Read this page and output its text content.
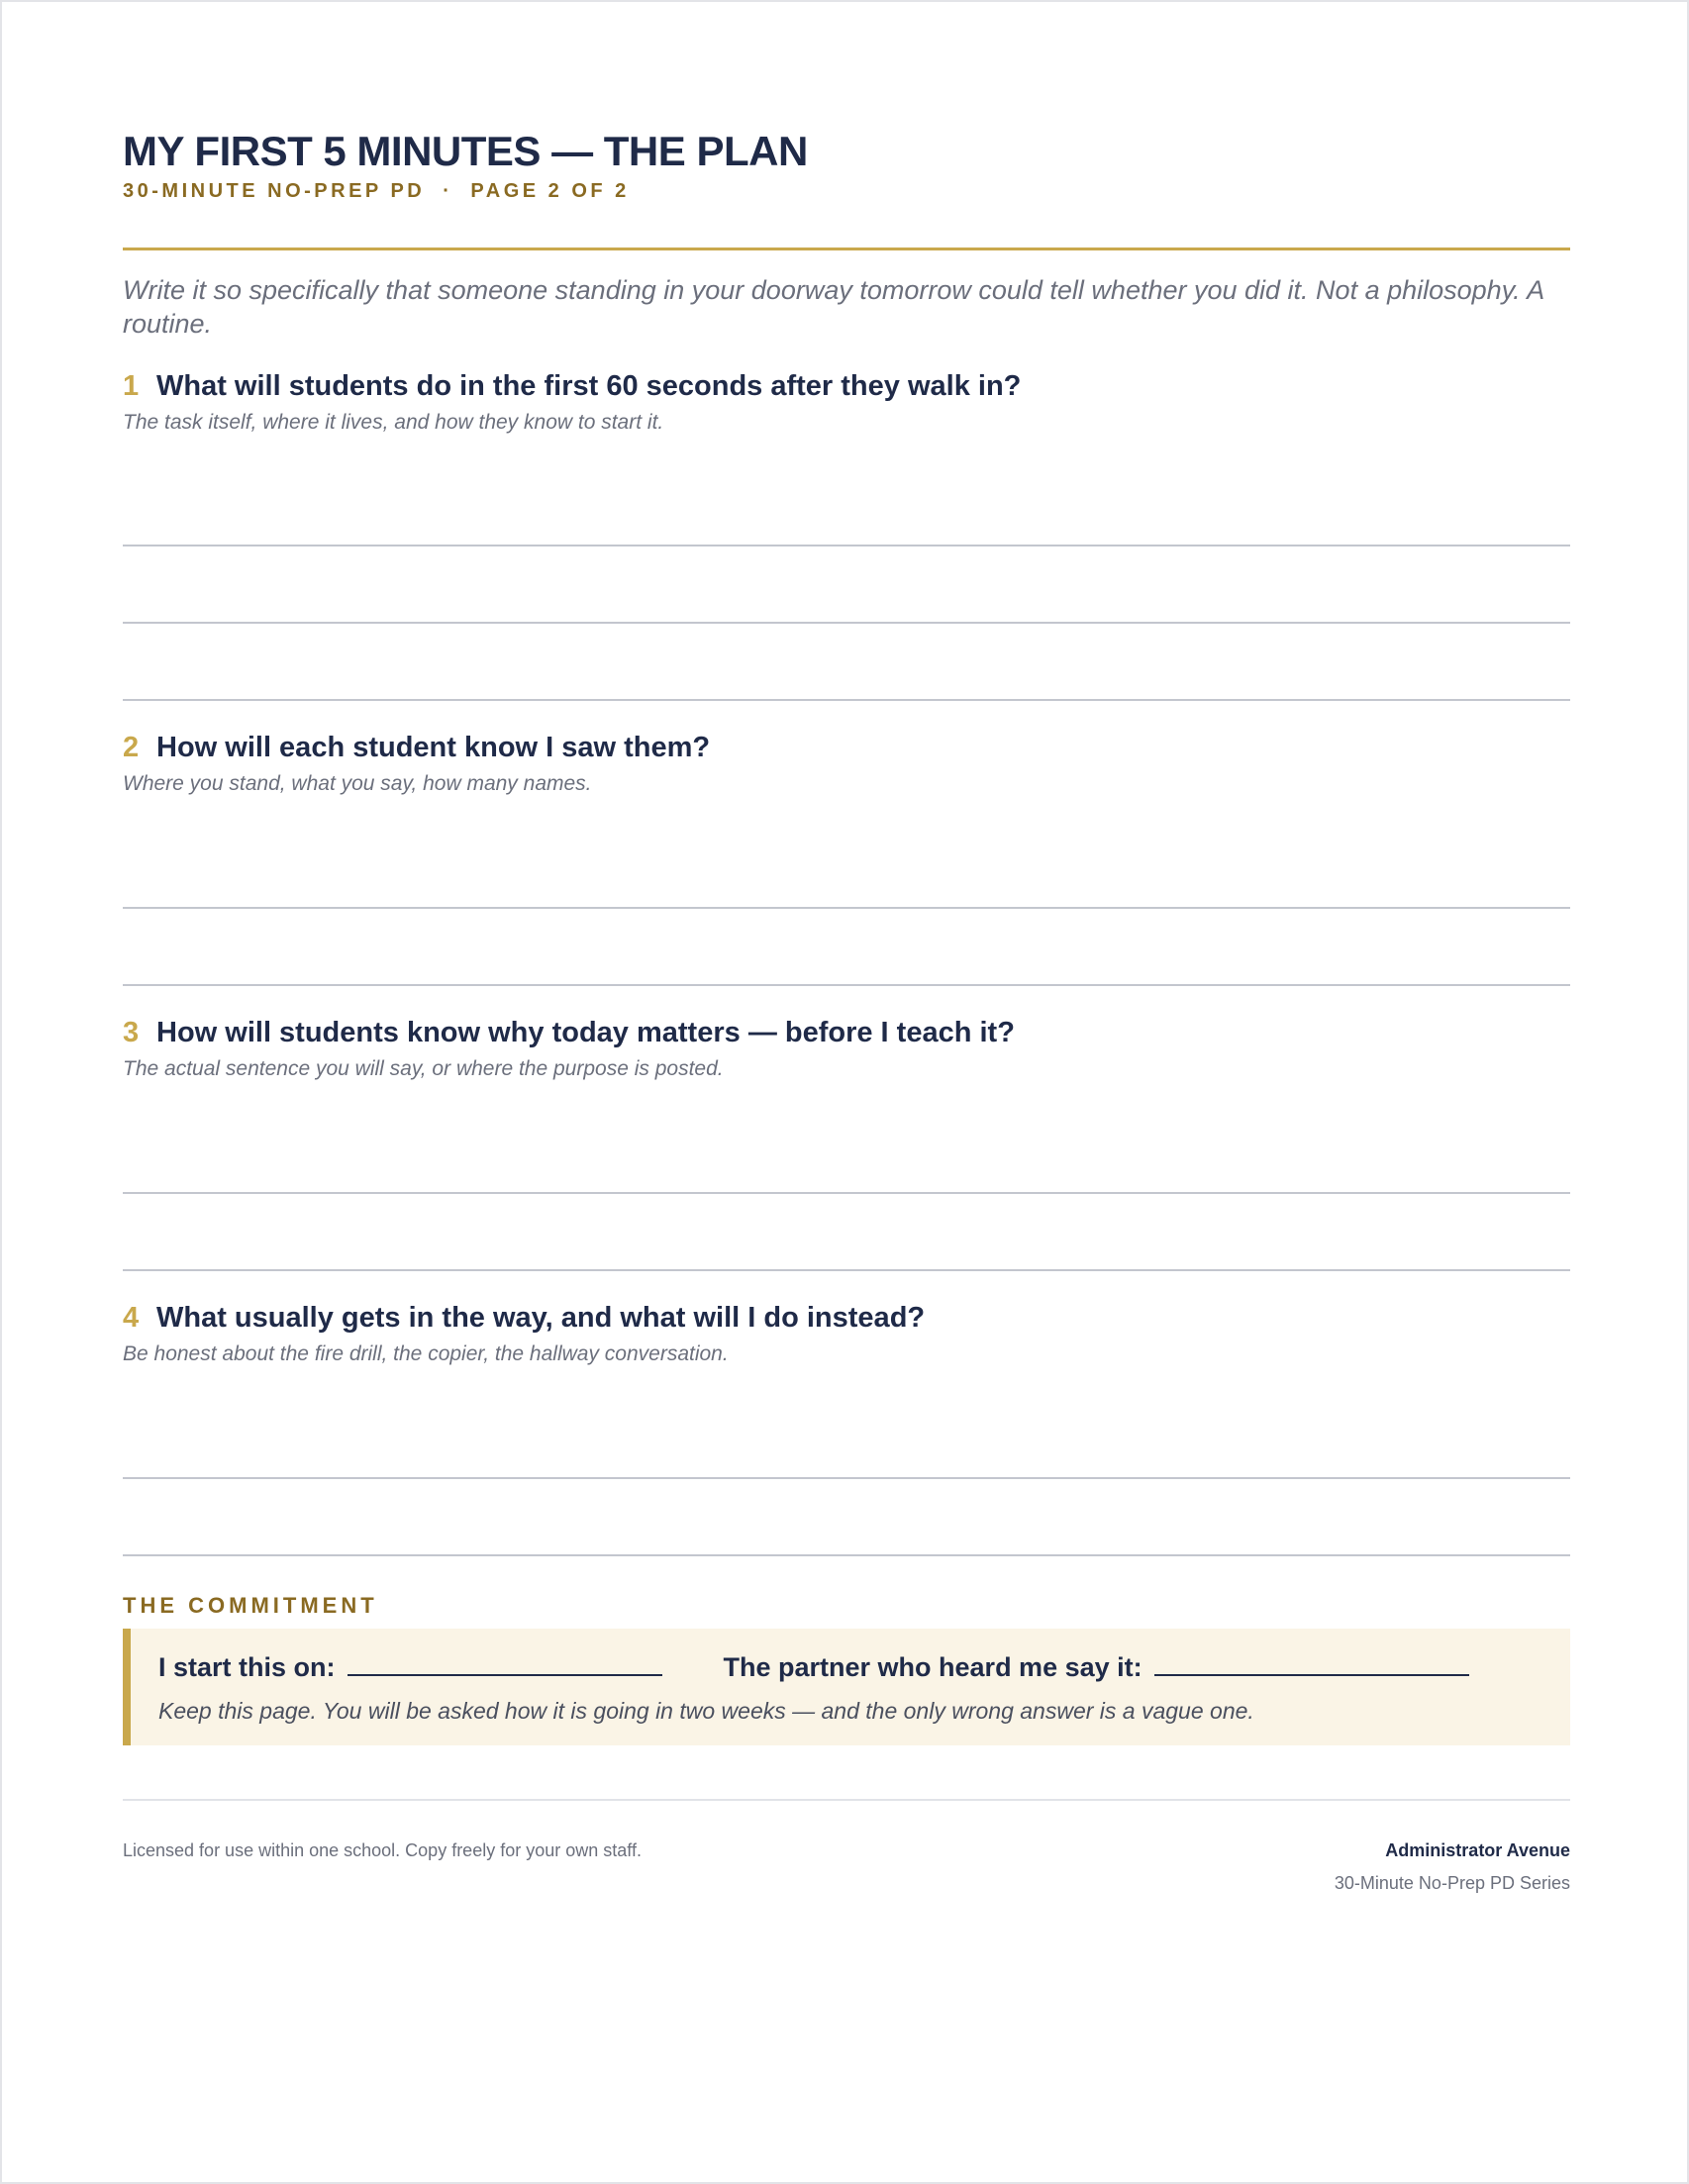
MY FIRST 5 MINUTES — THE PLAN
30-MINUTE NO-PREP PD · PAGE 2 OF 2

Write it so specifically that someone standing in your doorway tomorrow could tell whether you did it. Not a philosophy. A routine.

1 What will students do in the first 60 seconds after they walk in?
The task itself, where it lives, and how they know to start it.
2 How will each student know I saw them?
Where you stand, what you say, how many names.
3 How will students know why today matters — before I teach it?
The actual sentence you will say, or where the purpose is posted.
4 What usually gets in the way, and what will I do instead?
Be honest about the fire drill, the copier, the hallway conversation.
THE COMMITMENT
I start this on:	The partner who heard me say it:
Keep this page. You will be asked how it is going in two weeks — and the only wrong answer is a vague one.
Licensed for use within one school. Copy freely for your own staff.	Administrator Avenue
30-Minute No-Prep PD Series
